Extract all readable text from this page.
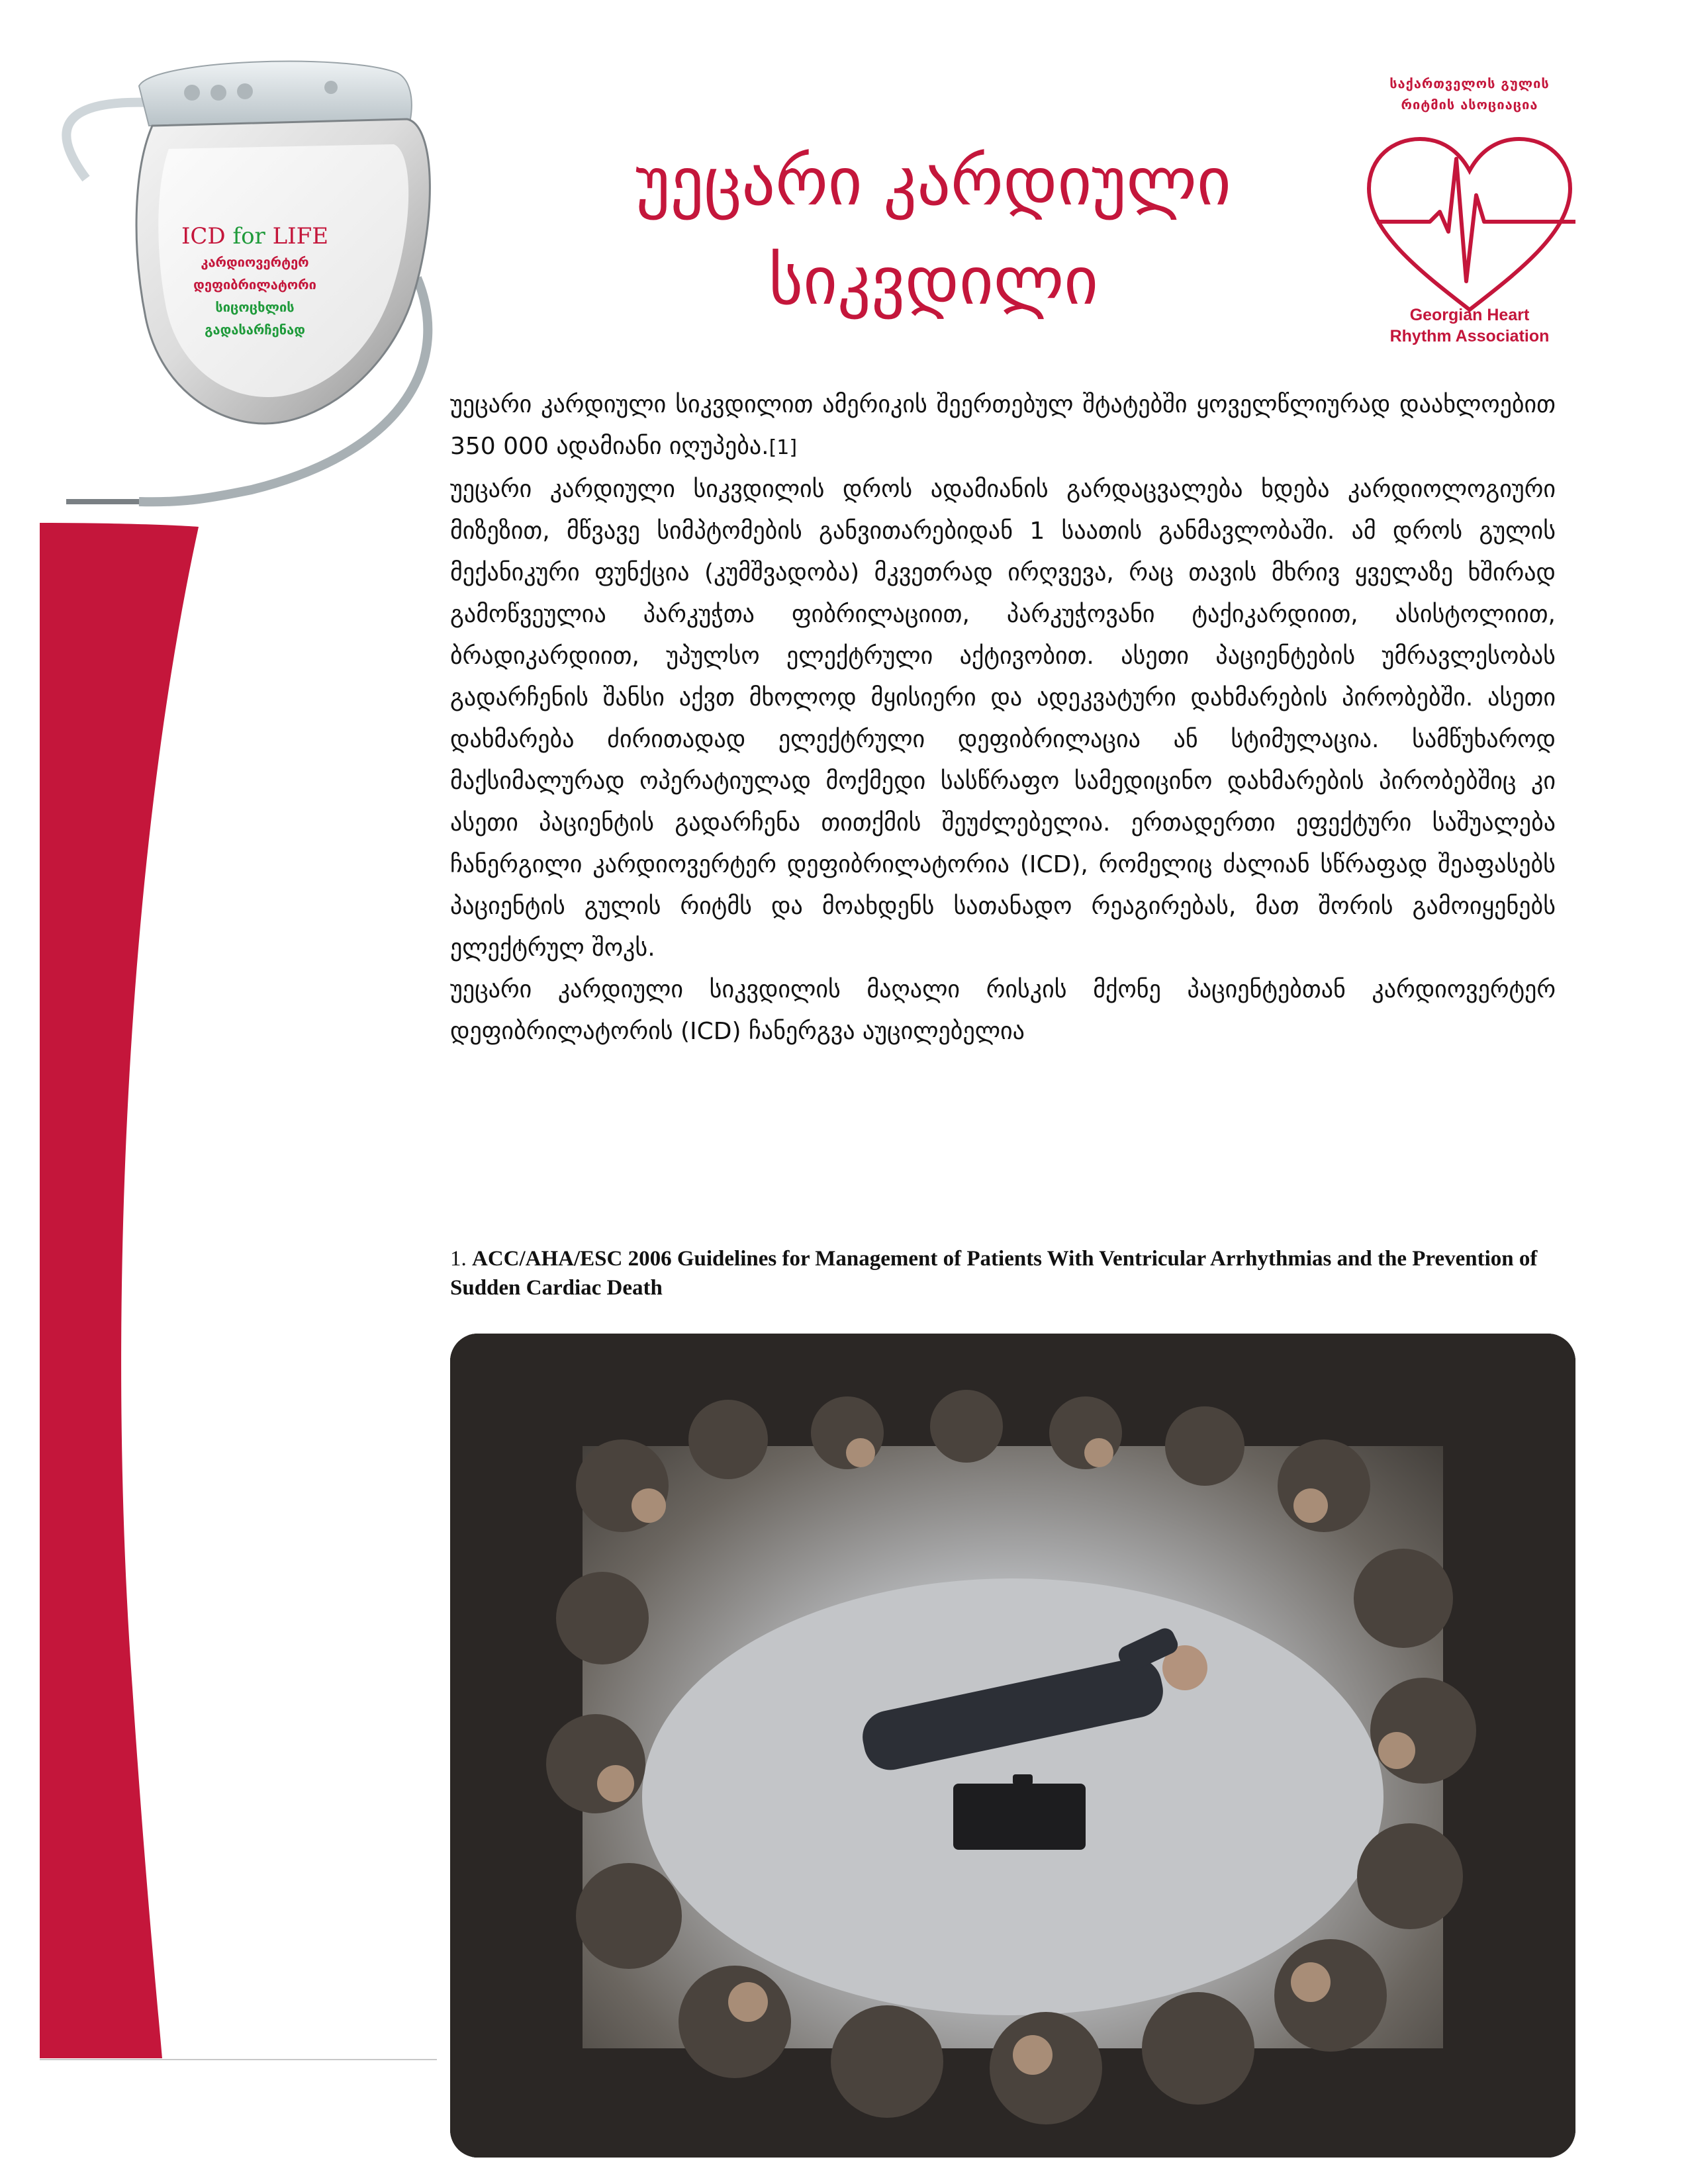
ICD for LIFE
კარდიოვერტერ
დეფიბრილატორი
სიცოცხლის
გადასარჩენად
უეცარი კარდიული
სიკვდილი
საქართველოს გულის
რიტმის ასოციაცია
Georgian Heart
Rhythm Association

უეცარი კარდიული სიკვდილით ამერიკის შეერთებულ შტატებში ყოველწლიურად დაახლოებით 350 000 ადამიანი იღუპება.[1]

უეცარი კარდიული სიკვდილის დროს ადამიანის გარდაცვალება ხდება კარდიოლოგიური მიზეზით, მწვავე სიმპტომების განვითარებიდან 1 საათის განმავლობაში. ამ დროს გულის მექანიკური ფუნქცია (კუმშვადობა) მკვეთრად ირღვევა, რაც თავის მხრივ ყველაზე ხშირად გამოწვეულია პარკუჭთა ფიბრილაციით, პარკუჭოვანი ტაქიკარდიით, ასისტოლიით, ბრადიკარდიით, უპულსო ელექტრული აქტივობით. ასეთი პაციენტების უმრავლესობას გადარჩენის შანსი აქვთ მხოლოდ მყისიერი და ადეკვატური დახმარების პირობებში. ასეთი დახმარება ძირითადად ელექტრული დეფიბრილაცია ან სტიმულაცია. სამწუხაროდ მაქსიმალურად ოპერატიულად მოქმედი სასწრაფო სამედიცინო დახმარების პირობებშიც კი ასეთი პაციენტის გადარჩენა თითქმის შეუძლებელია. ერთადერთი ეფექტური საშუალება ჩანერგილი კარდიოვერტერ დეფიბრილატორია (ICD), რომელიც ძალიან სწრაფად შეაფასებს პაციენტის გულის რიტმს და მოახდენს სათანადო რეაგირებას, მათ შორის გამოიყენებს ელექტრულ შოკს.

უეცარი კარდიული სიკვდილის მაღალი რისკის მქონე პაციენტებთან კარდიოვერტერ დეფიბრილატორის (ICD) ჩანერგვა აუცილებელია

1. ACC/AHA/ESC 2006 Guidelines for Management of Patients With Ventricular Arrhythmias and the Prevention of Sudden Cardiac Death
